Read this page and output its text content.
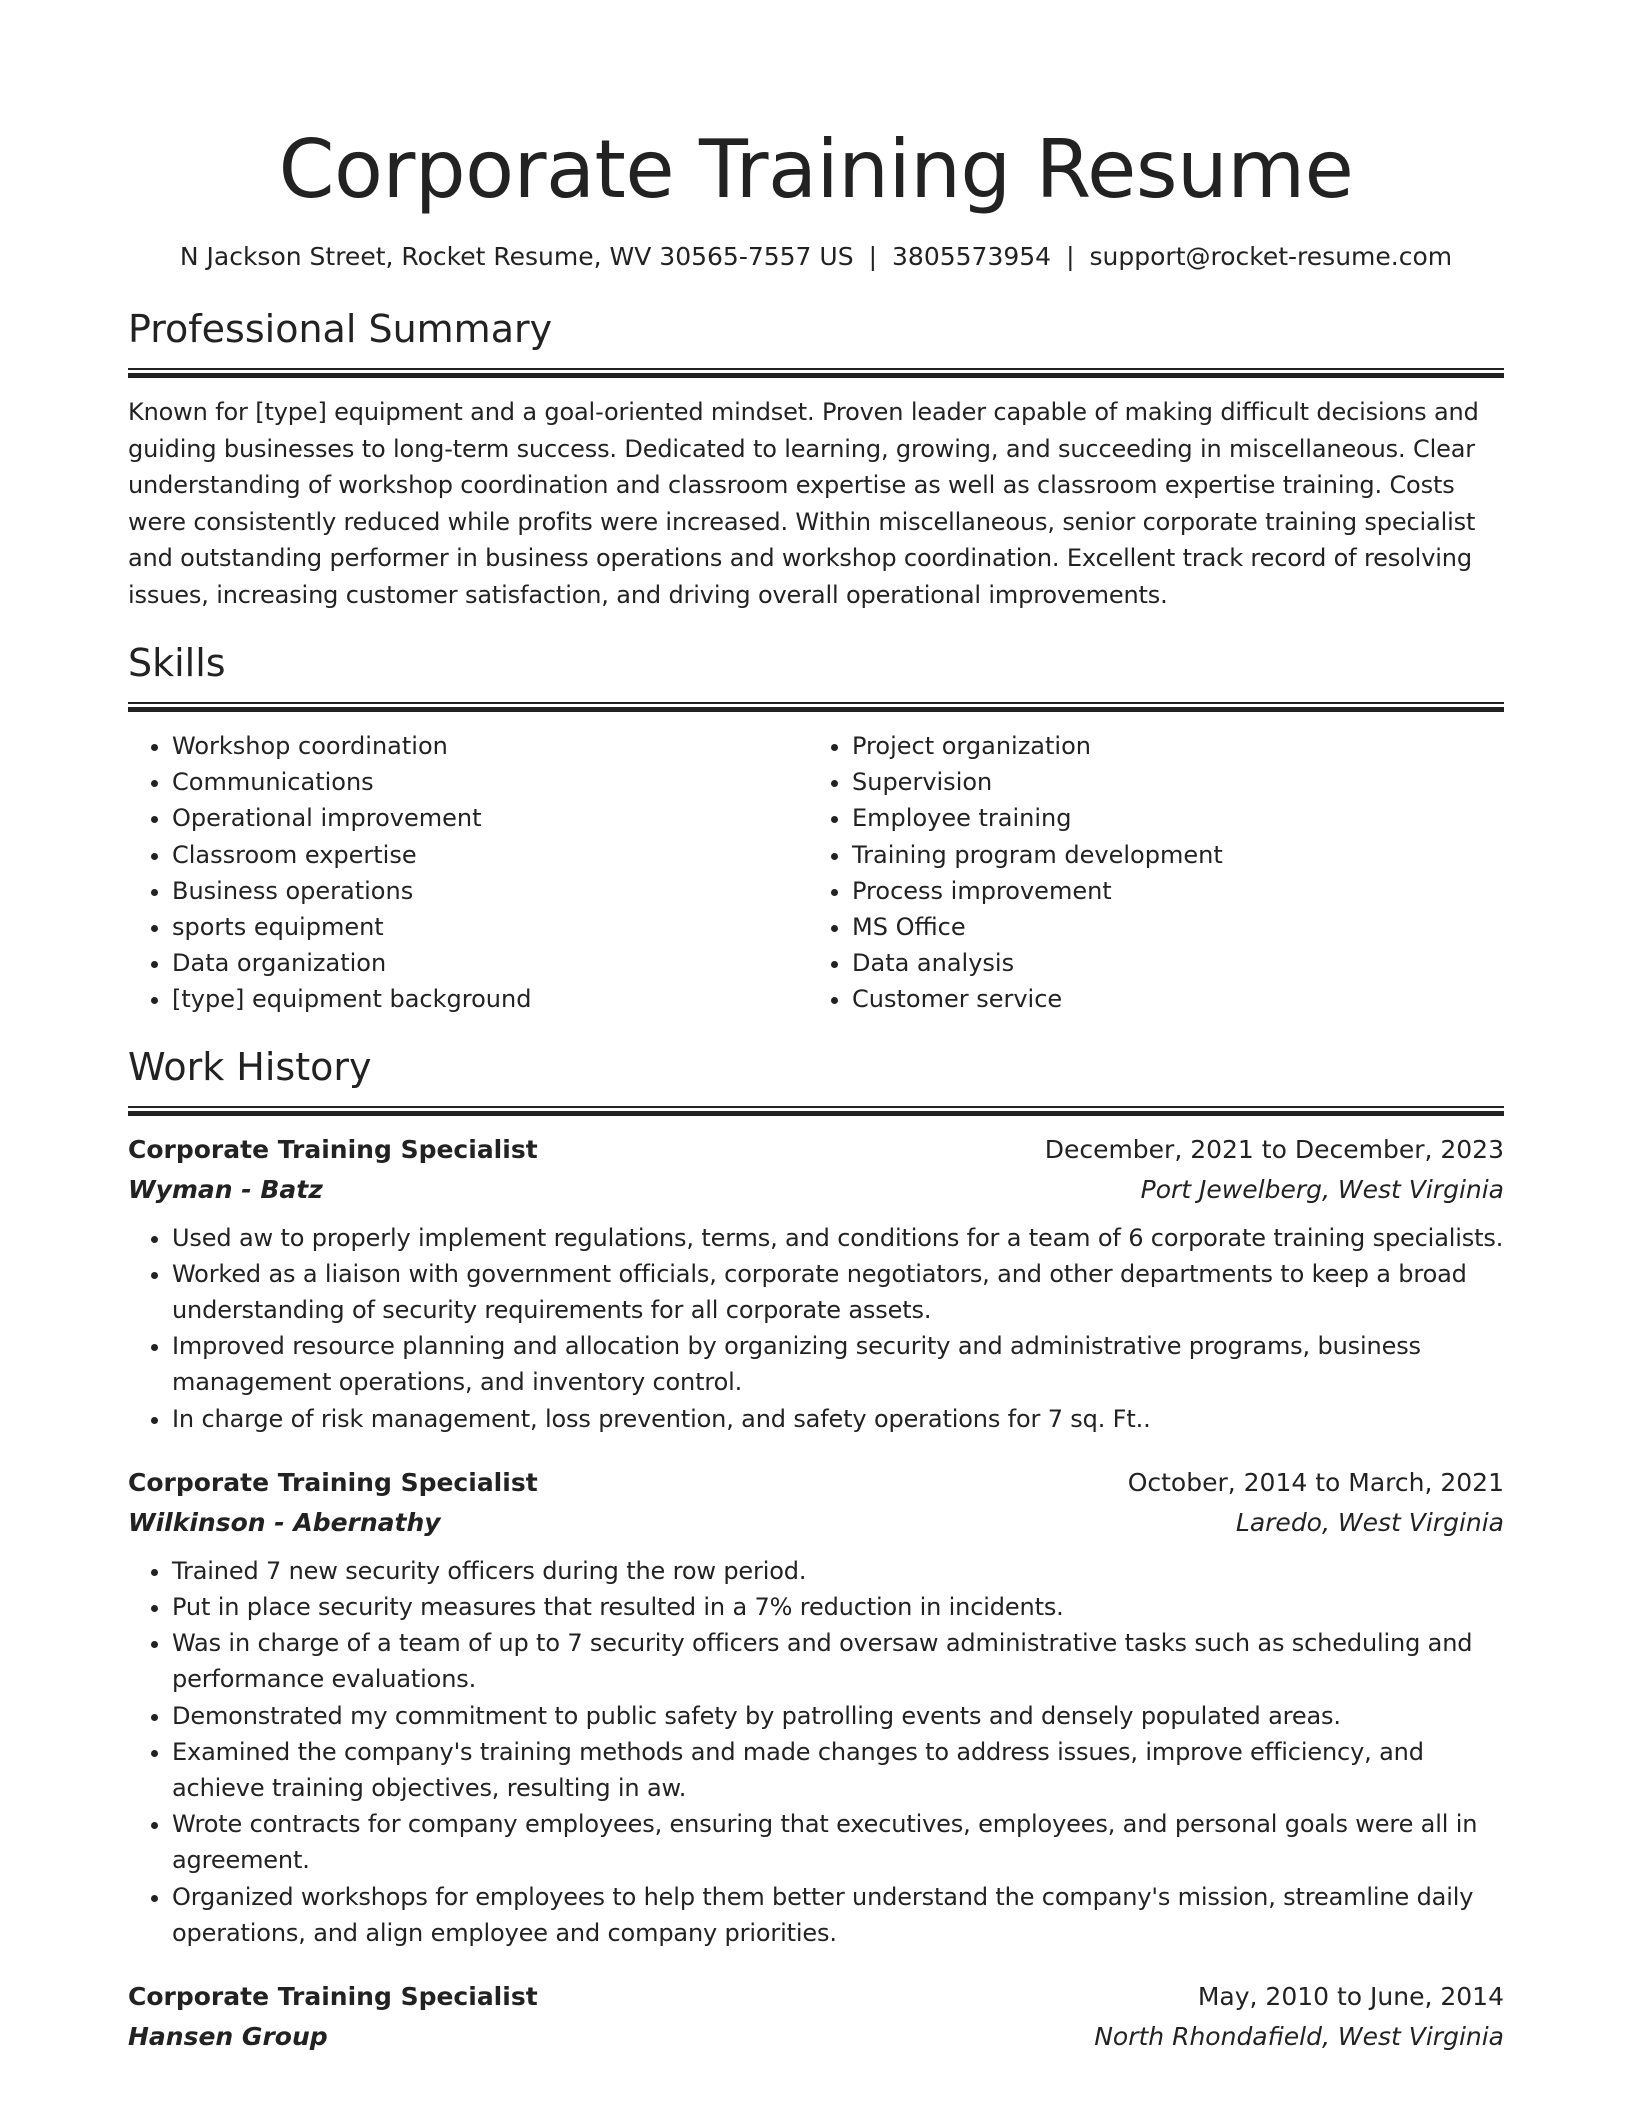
Corporate Training Resume
N Jackson Street, Rocket Resume, WV 30565-7557 US | 3805573954 | support@rocket-resume.com
Professional Summary

Known for [type] equipment and a goal-oriented mindset. Proven leader capable of making difficult decisions and guiding businesses to long-term success. Dedicated to learning, growing, and succeeding in miscellaneous. Clear understanding of workshop coordination and classroom expertise as well as classroom expertise training. Costs were consistently reduced while profits were increased. Within miscellaneous, senior corporate training specialist and outstanding performer in business operations and workshop coordination. Excellent track record of resolving issues, increasing customer satisfaction, and driving overall operational improvements.

Skills
• Workshop coordination
• Communications
• Operational improvement
• Classroom expertise
• Business operations
• sports equipment
• Data organization
• [type] equipment background
• Project organization
• Supervision
• Employee training
• Training program development
• Process improvement
• MS Office
• Data analysis
• Customer service
Work History
Corporate Training Specialist	December, 2021 to December, 2023
Wyman - Batz	Port Jewelberg, West Virginia
• Used aw to properly implement regulations, terms, and conditions for a team of 6 corporate training specialists.
• Worked as a liaison with government officials, corporate negotiators, and other departments to keep a broad understanding of security requirements for all corporate assets.
• Improved resource planning and allocation by organizing security and administrative programs, business management operations, and inventory control.
• In charge of risk management, loss prevention, and safety operations for 7 sq. Ft..
Corporate Training Specialist	October, 2014 to March, 2021
Wilkinson - Abernathy	Laredo, West Virginia
• Trained 7 new security officers during the row period.
• Put in place security measures that resulted in a 7% reduction in incidents.
• Was in charge of a team of up to 7 security officers and oversaw administrative tasks such as scheduling and performance evaluations.
• Demonstrated my commitment to public safety by patrolling events and densely populated areas.
• Examined the company's training methods and made changes to address issues, improve efficiency, and achieve training objectives, resulting in aw.
• Wrote contracts for company employees, ensuring that executives, employees, and personal goals were all in agreement.
• Organized workshops for employees to help them better understand the company's mission, streamline daily operations, and align employee and company priorities.
Corporate Training Specialist	May, 2010 to June, 2014
Hansen Group	North Rhondafield, West Virginia
